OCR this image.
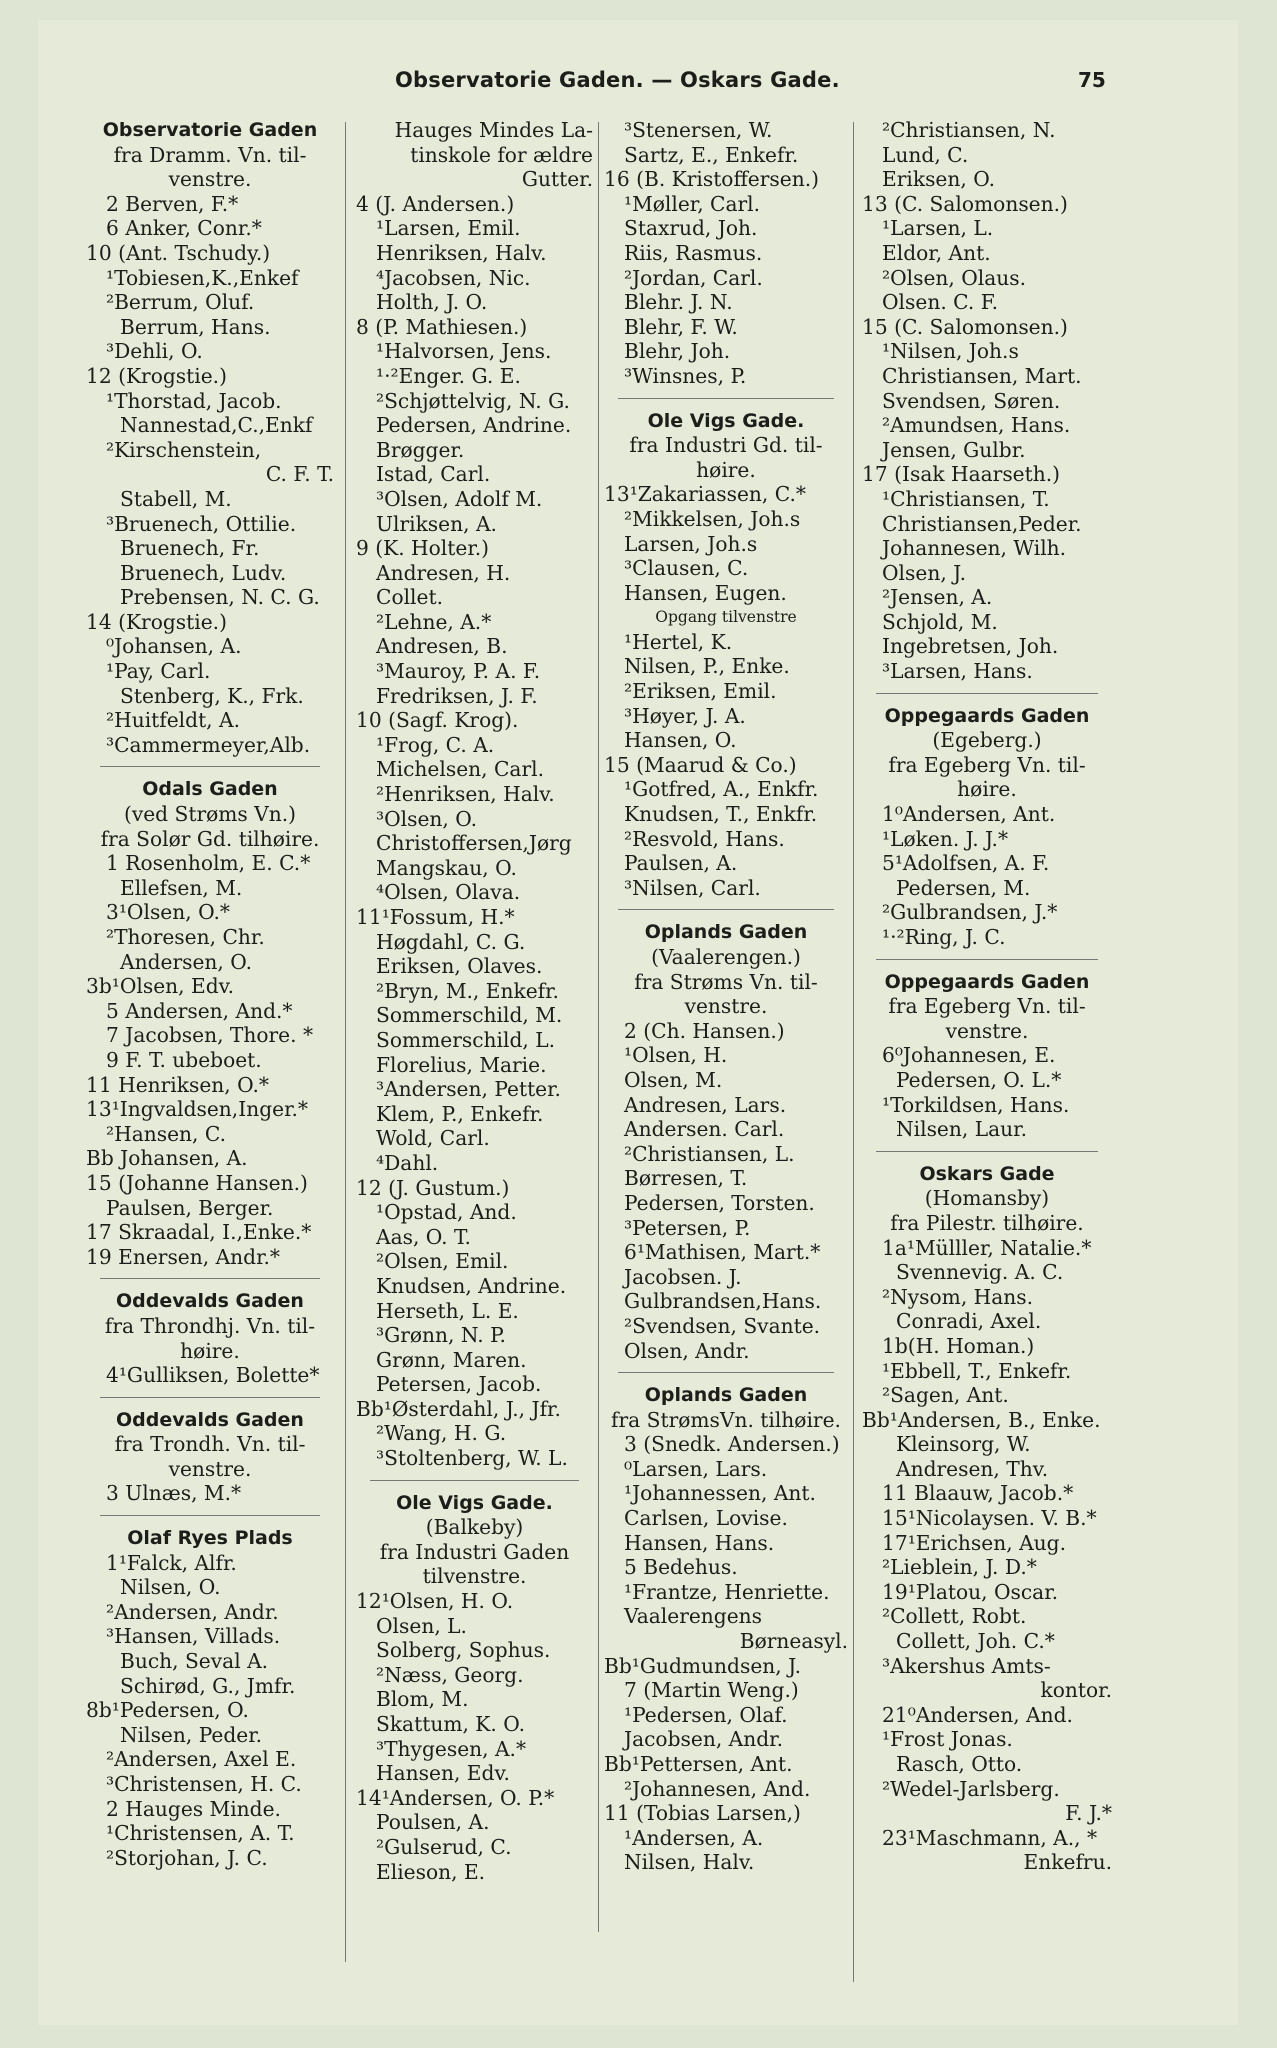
Observatorie Gaden. — Oskars Gade.	75
Observatorie Gaden
fra Dramm. Vn. til-
venstre.
2 Berven, F.*
6 Anker, Conr.*
10 (Ant. Tschudy.)
¹Tobiesen,K.,Enkef
²Berrum, Oluf.
Berrum, Hans.
³Dehli, O.
12 (Krogstie.)
¹Thorstad, Jacob.
Nannestad,C.,Enkf
²Kirschenstein,
C. F. T.
Stabell, M.
³Bruenech, Ottilie.
Bruenech, Fr.
Bruenech, Ludv.
Prebensen, N. C. G.
14 (Krogstie.)
⁰Johansen, A.
¹Pay, Carl.
Stenberg, K., Frk.
²Huitfeldt, A.
³Cammermeyer,Alb.
Odals Gaden
(ved Strøms Vn.)
fra Solør Gd. tilhøire.
1 Rosenholm, E. C.*
Ellefsen, M.
3¹Olsen, O.*
²Thoresen, Chr.
Andersen, O.
3b¹Olsen, Edv.
5 Andersen, And.*
7 Jacobsen, Thore. *
9 F. T. ubeboet.
11 Henriksen, O.*
13¹Ingvaldsen,Inger.*
²Hansen, C.
Bb Johansen, A.
15 (Johanne Hansen.)
Paulsen, Berger.
17 Skraadal, I.,Enke.*
19 Enersen, Andr.*
Oddevalds Gaden
fra Throndhj. Vn. til-
høire.
4¹Gulliksen, Bolette*
Oddevalds Gaden
fra Trondh. Vn. til-
venstre.
3 Ulnæs, M.*
Olaf Ryes Plads
1¹Falck, Alfr.
Nilsen, O.
²Andersen, Andr.
³Hansen, Villads.
Buch, Seval A.
Schirød, G., Jmfr.
8b¹Pedersen, O.
Nilsen, Peder.
²Andersen, Axel E.
³Christensen, H. C.
2 Hauges Minde.
¹Christensen, A. T.
²Storjohan, J. C.
Hauges Mindes La-
tinskole for ældre
Gutter.
4 (J. Andersen.)
¹Larsen, Emil.
Henriksen, Halv.
⁴Jacobsen, Nic.
Holth, J. O.
8 (P. Mathiesen.)
¹Halvorsen, Jens.
¹·²Enger. G. E.
²Schjøttelvig, N. G.
Pedersen, Andrine.
Brøgger.
Istad, Carl.
³Olsen, Adolf M.
Ulriksen, A.
9 (K. Holter.)
Andresen, H.
Collet.
²Lehne, A.*
Andresen, B.
³Mauroy, P. A. F.
Fredriksen, J. F.
10 (Sagf. Krog).
¹Frog, C. A.
Michelsen, Carl.
²Henriksen, Halv.
³Olsen, O.
Christoffersen,Jørg
Mangskau, O.
⁴Olsen, Olava.
11¹Fossum, H.*
Høgdahl, C. G.
Eriksen, Olaves.
²Bryn, M., Enkefr.
Sommerschild, M.
Sommerschild, L.
Florelius, Marie.
³Andersen, Petter.
Klem, P., Enkefr.
Wold, Carl.
⁴Dahl.
12 (J. Gustum.)
¹Opstad, And.
Aas, O. T.
²Olsen, Emil.
Knudsen, Andrine.
Herseth, L. E.
³Grønn, N. P.
Grønn, Maren.
Petersen, Jacob.
Bb¹Østerdahl, J., Jfr.
²Wang, H. G.
³Stoltenberg, W. L.
Ole Vigs Gade.
(Balkeby)
fra Industri Gaden
tilvenstre.
12¹Olsen, H. O.
Olsen, L.
Solberg, Sophus.
²Næss, Georg.
Blom, M.
Skattum, K. O.
³Thygesen, A.*
Hansen, Edv.
14¹Andersen, O. P.*
Poulsen, A.
²Gulserud, C.
Elieson, E.
³Stenersen, W.
Sartz, E., Enkefr.
16 (B. Kristoffersen.)
¹Møller, Carl.
Staxrud, Joh.
Riis, Rasmus.
²Jordan, Carl.
Blehr. J. N.
Blehr, F. W.
Blehr, Joh.
³Winsnes, P.
Ole Vigs Gade.
fra Industri Gd. til-
høire.
13¹Zakariassen, C.*
²Mikkelsen, Joh.s
Larsen, Joh.s
³Clausen, C.
Hansen, Eugen.
Opgang tilvenstre
¹Hertel, K.
Nilsen, P., Enke.
²Eriksen, Emil.
³Høyer, J. A.
Hansen, O.
15 (Maarud & Co.)
¹Gotfred, A., Enkfr.
Knudsen, T., Enkfr.
²Resvold, Hans.
Paulsen, A.
³Nilsen, Carl.
Oplands Gaden
(Vaalerengen.)
fra Strøms Vn. til-
venstre.
2 (Ch. Hansen.)
¹Olsen, H.
Olsen, M.
Andresen, Lars.
Andersen. Carl.
²Christiansen, L.
Børresen, T.
Pedersen, Torsten.
³Petersen, P.
6¹Mathisen, Mart.*
Jacobsen. J.
Gulbrandsen,Hans.
²Svendsen, Svante.
Olsen, Andr.
Oplands Gaden
fra StrømsVn. tilhøire.
3 (Snedk. Andersen.)
⁰Larsen, Lars.
¹Johannessen, Ant.
Carlsen, Lovise.
Hansen, Hans.
5 Bedehus.
¹Frantze, Henriette.
Vaalerengens
Børneasyl.
Bb¹Gudmundsen, J.
7 (Martin Weng.)
¹Pedersen, Olaf.
Jacobsen, Andr.
Bb¹Pettersen, Ant.
²Johannesen, And.
11 (Tobias Larsen,)
¹Andersen, A.
Nilsen, Halv.
²Christiansen, N.
Lund, C.
Eriksen, O.
13 (C. Salomonsen.)
¹Larsen, L.
Eldor, Ant.
²Olsen, Olaus.
Olsen. C. F.
15 (C. Salomonsen.)
¹Nilsen, Joh.s
Christiansen, Mart.
Svendsen, Søren.
²Amundsen, Hans.
Jensen, Gulbr.
17 (Isak Haarseth.)
¹Christiansen, T.
Christiansen,Peder.
Johannesen, Wilh.
Olsen, J.
²Jensen, A.
Schjold, M.
Ingebretsen, Joh.
³Larsen, Hans.
Oppegaards Gaden
(Egeberg.)
fra Egeberg Vn. til-
høire.
1⁰Andersen, Ant.
¹Løken. J. J.*
5¹Adolfsen, A. F.
Pedersen, M.
²Gulbrandsen, J.*
¹·²Ring, J. C.
Oppegaards Gaden
fra Egeberg Vn. til-
venstre.
6⁰Johannesen, E.
Pedersen, O. L.*
¹Torkildsen, Hans.
Nilsen, Laur.
Oskars Gade
(Homansby)
fra Pilestr. tilhøire.
1a¹Mülller, Natalie.*
Svennevig. A. C.
²Nysom, Hans.
Conradi, Axel.
1b(H. Homan.)
¹Ebbell, T., Enkefr.
²Sagen, Ant.
Bb¹Andersen, B., Enke.
Kleinsorg, W.
Andresen, Thv.
11 Blaauw, Jacob.*
15¹Nicolaysen. V. B.*
17¹Erichsen, Aug.
²Lieblein, J. D.*
19¹Platou, Oscar.
²Collett, Robt.
Collett, Joh. C.*
³Akershus Amts-
kontor.
21⁰Andersen, And.
¹Frost Jonas.
Rasch, Otto.
²Wedel-Jarlsberg.
F. J.*
23¹Maschmann, A., *
Enkefru.
